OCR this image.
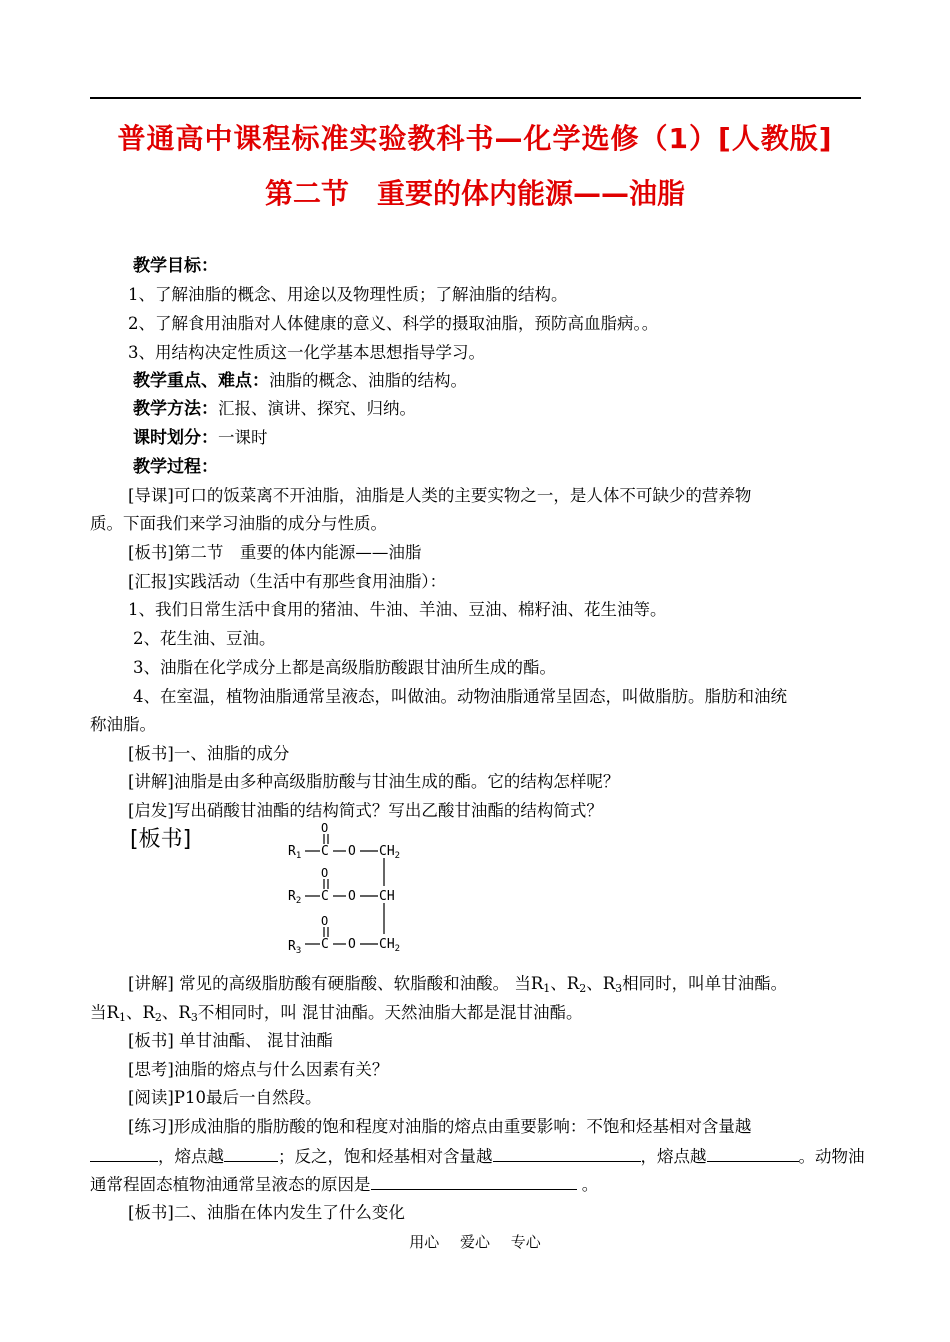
普通高中课程标准实验教科书—化学选修（1）[人教版]
第二节　重要的体内能源——油脂
教学目标：
1、了解油脂的概念、用途以及物理性质；了解油脂的结构。
2、了解食用油脂对人体健康的意义、科学的摄取油脂，预防高血脂病。。
3、用结构决定性质这一化学基本思想指导学习。
教学重点、难点：油脂的概念、油脂的结构。
教学方法：汇报、演讲、探究、归纳。
课时划分：一课时
教学过程：
[导课]可口的饭菜离不开油脂，油脂是人类的主要实物之一，是人体不可缺少的营养物
质。下面我们来学习油脂的成分与性质。
[板书]第二节　重要的体内能源——油脂
[汇报]实践活动（生活中有那些食用油脂）：
1、我们日常生活中食用的猪油、牛油、羊油、豆油、棉籽油、花生油等。
2、花生油、豆油。
3、油脂在化学成分上都是高级脂肪酸跟甘油所生成的酯。
4、在室温，植物油脂通常呈液态，叫做油。动物油脂通常呈固态，叫做脂肪。脂肪和油统
称油脂。
[板书]一、油脂的成分
[讲解]油脂是由多种高级脂肪酸与甘油生成的酯。它的结构怎样呢？
[启发]写出硝酸甘油酯的结构简式？写出乙酸甘油酯的结构简式？
[板书]	$R_1$ C
O
O $CH_2$
$R_2$ C
O
O CH
$R_3$ C
O
O $CH_2$
[讲解] 常见的高级脂肪酸有硬脂酸、软脂酸和油酸。 当$R_1$、$R_2$、$R_3$相同时，叫单甘油酯。
当$R_1$、$R_2$、$R_3$不相同时，叫 混甘油酯。天然油脂大都是混甘油酯。
[板书] 单甘油酯、 混甘油酯
[思考]油脂的熔点与什么因素有关？
[阅读]P10最后一自然段。
[练习]形成油脂的脂肪酸的饱和程度对油脂的熔点由重要影响：不饱和烃基相对含量越
，熔点越	；反之，饱和烃基相对含量越	，熔点越	。动物油
通常程固态植物油通常呈液态的原因是	。
[板书]二、油脂在体内发生了什么变化
用心 爱心 专心
